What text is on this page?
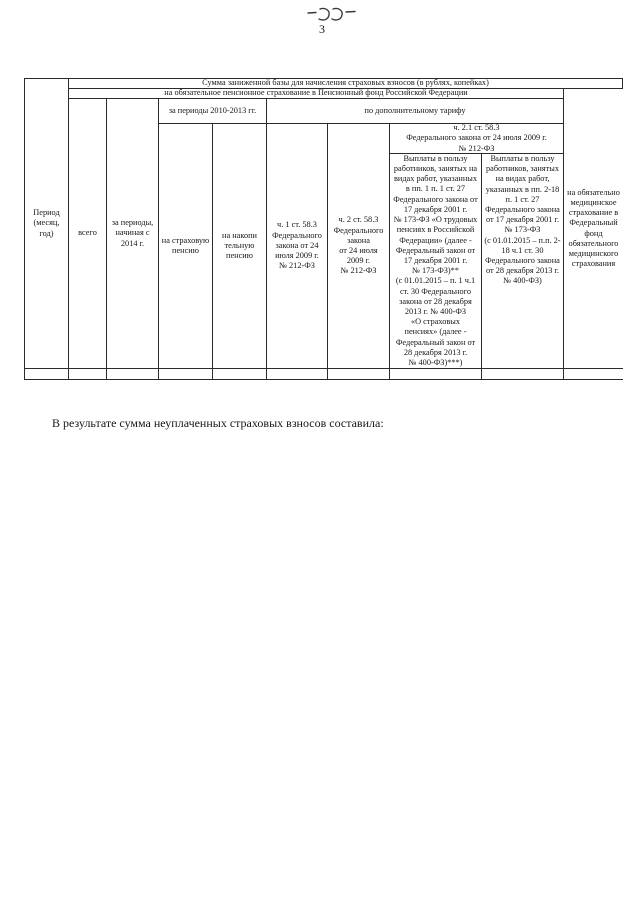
3
Период
(месяц,
год)
Сумма заниженной базы для начисления страховых взносов (в рублях, копейках)
на обязательное пенсионное страхование в Пенсионный фонд Российской Федерации
на обязательно
медицинское
страхование в
Федеральный
фонд
обязательного
медицинского
страхования
всего
за периоды,
начиная с
2014 г.
за периоды 2010-2013 гг.	по дополнительному тарифу
на страховую
пенсию
на накопи
тельную
пенсию
ч. 1 ст. 58.3
Федерального
закона от 24
июля 2009 г.
№ 212-ФЗ
ч. 2 ст. 58.3
Федерального
закона
от 24 июля
2009 г.
№ 212-ФЗ
ч. 2.1 ст. 58.3
Федерального закона от 24 июля 2009 г.
№ 212-ФЗ
Выплаты в пользу
работников, занятых на
видах работ, указанных
в пп. 1 п. 1 ст. 27
Федерального закона от
17 декабря 2001 г.
№ 173-ФЗ «О трудовых
пенсиях в Российской
Федерации» (далее -
Федеральный закон от
17 декабря 2001 г.
№ 173-ФЗ)**
(с 01.01.2015 – п. 1 ч.1
ст. 30 Федерального
закона от 28 декабря
2013 г. № 400-ФЗ
«О страховых
пенсиях» (далее -
Федеральный закон от
28 декабря 2013 г.
№ 400-ФЗ)***)
Выплаты в пользу
работников, занятых
на видах работ,
указанных в пп. 2-18
п. 1 ст. 27
Федерального закона
от 17 декабря 2001 г.
№ 173-ФЗ
(с 01.01.2015 – п.п. 2-
18 ч.1 ст. 30
Федерального закона
от 28 декабря 2013 г.
№ 400-ФЗ)
В результате сумма неуплаченных страховых взносов составила:
